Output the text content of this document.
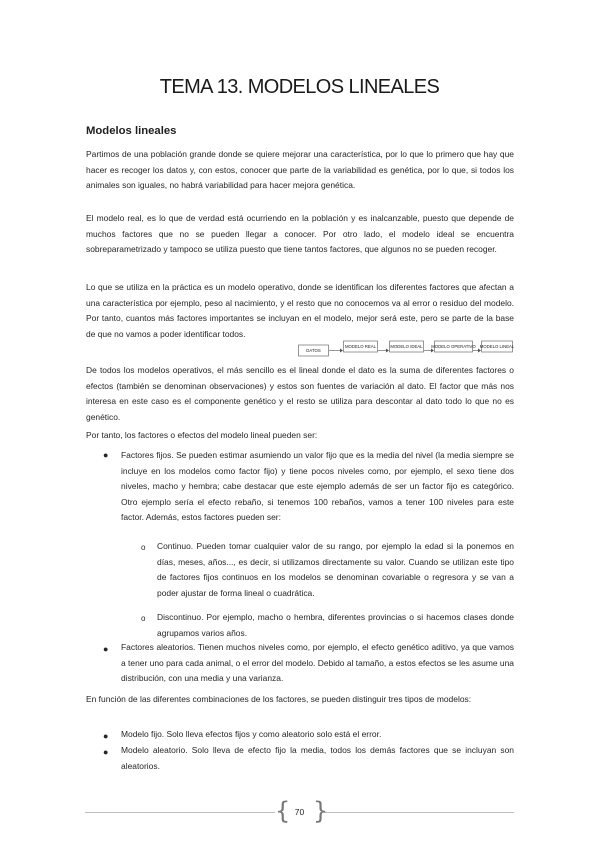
TEMA 13. MODELOS LINEALES
Modelos lineales

Partimos de una población grande donde se quiere mejorar una característica, por lo que lo primero que hay que hacer es recoger los datos y, con estos, conocer que parte de la variabilidad es genética, por lo que, si todos los animales son iguales, no habrá variabilidad para hacer mejora genética.

El modelo real, es lo que de verdad está ocurriendo en la población y es inalcanzable, puesto que depende de muchos factores que no se pueden llegar a conocer. Por otro lado, el modelo ideal se encuentra sobreparametrizado y tampoco se utiliza puesto que tiene tantos factores, que algunos no se pueden recoger.

Lo que se utiliza en la práctica es un modelo operativo, donde se identifican los diferentes factores que afectan a una característica por ejemplo, peso al nacimiento, y el resto que no conocemos va al error o residuo del modelo. Por tanto, cuantos más factores importantes se incluyan en el modelo, mejor será este, pero se parte de la base de que no vamos a poder identificar todos.

DATOS
MODELO REAL	MODELO IDEAL MODELO OPERATIVO MODELO LINEAL

De todos los modelos operativos, el más sencillo es el lineal donde el dato es la suma de diferentes factores o efectos (también se denominan observaciones) y estos son fuentes de variación al dato. El factor que más nos interesa en este caso es el componente genético y el resto se utiliza para descontar al dato todo lo que no es genético.

Por tanto, los factores o efectos del modelo lineal pueden ser:

● Factores fijos. Se pueden estimar asumiendo un valor fijo que es la media del nivel (la media siempre se incluye en los modelos como factor fijo) y tiene pocos niveles como, por ejemplo, el sexo tiene dos niveles, macho y hembra; cabe destacar que este ejemplo además de ser un factor fijo es categórico. Otro ejemplo sería el efecto rebaño, si tenemos 100 rebaños, vamos a tener 100 niveles para este factor. Además, estos factores pueden ser:

o Continuo. Pueden tomar cualquier valor de su rango, por ejemplo la edad si la ponemos en días, meses, años..., es decir, si utilizamos directamente su valor. Cuando se utilizan este tipo de factores fijos continuos en los modelos se denominan covariable o regresora y se van a poder ajustar de forma lineal o cuadrática.

o Discontinuo. Por ejemplo, macho o hembra, diferentes provincias o si hacemos clases donde agrupamos varios años.

● Factores aleatorios. Tienen muchos niveles como, por ejemplo, el efecto genético aditivo, ya que vamos a tener uno para cada animal, o el error del modelo. Debido al tamaño, a estos efectos se les asume una distribución, con una media y una varianza.

En función de las diferentes combinaciones de los factores, se pueden distinguir tres tipos de modelos:

● Modelo fijo. Solo lleva efectos fijos y como aleatorio solo está el error.

● Modelo aleatorio. Solo lleva de efecto fijo la media, todos los demás factores que se incluyan son aleatorios.

{ }
70
